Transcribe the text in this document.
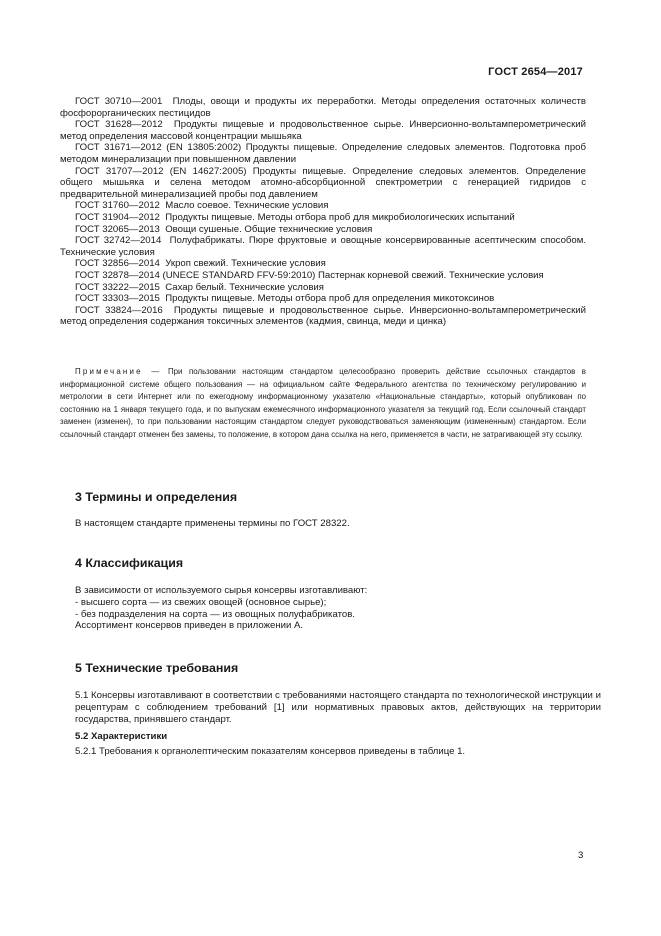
ГОСТ 2654—2017

ГОСТ 30710—2001 Плоды, овощи и продукты их переработки. Методы определения остаточных количеств фосфорорганических пестицидов

ГОСТ 31628—2012 Продукты пищевые и продовольственное сырье. Инверсионно-вольтамперометрический метод определения массовой концентрации мышьяка

ГОСТ 31671—2012 (EN 13805:2002) Продукты пищевые. Определение следовых элементов. Подготовка проб методом минерализации при повышенном давлении

ГОСТ 31707—2012 (EN 14627:2005) Продукты пищевые. Определение следовых элементов. Определение общего мышьяка и селена методом атомно-абсорбционной спектрометрии с генерацией гидридов с предварительной минерализацией пробы под давлением

ГОСТ 31760—2012 Масло соевое. Технические условия

ГОСТ 31904—2012 Продукты пищевые. Методы отбора проб для микробиологических испытаний

ГОСТ 32065—2013 Овощи сушеные. Общие технические условия

ГОСТ 32742—2014 Полуфабрикаты. Пюре фруктовые и овощные консервированные асептическим способом. Технические условия

ГОСТ 32856—2014 Укроп свежий. Технические условия

ГОСТ 32878—2014 (UNECE STANDARD FFV-59:2010) Пастернак корневой свежий. Технические условия

ГОСТ 33222—2015 Сахар белый. Технические условия

ГОСТ 33303—2015 Продукты пищевые. Методы отбора проб для определения микотоксинов

ГОСТ 33824—2016 Продукты пищевые и продовольственное сырье. Инверсионно-вольтамперометрический метод определения содержания токсичных элементов (кадмия, свинца, меди и цинка)

Примечание — При пользовании настоящим стандартом целесообразно проверить действие ссылочных стандартов в информационной системе общего пользования — на официальном сайте Федерального агентства по техническому регулированию и метрологии в сети Интернет или по ежегодному информационному указателю «Национальные стандарты», который опубликован по состоянию на 1 января текущего года, и по выпускам ежемесячного информационного указателя за текущий год. Если ссылочный стандарт заменен (изменен), то при пользовании настоящим стандартом следует руководствоваться заменяющим (измененным) стандартом. Если ссылочный стандарт отменен без замены, то положение, в котором дана ссылка на него, применяется в части, не затрагивающей эту ссылку.
3 Термины и определения

В настоящем стандарте применены термины по ГОСТ 28322.

4 Классификация
В зависимости от используемого сырья консервы изготавливают:
- высшего сорта — из свежих овощей (основное сырье);
- без подразделения на сорта — из овощных полуфабрикатов.
Ассортимент консервов приведен в приложении А.
5 Технические требования

5.1 Консервы изготавливают в соответствии с требованиями настоящего стандарта по технологической инструкции и рецептурам с соблюдением требований [1] или нормативных правовых актов, действующих на территории государства, принявшего стандарт.

5.2 Характеристики

5.2.1 Требования к органолептическим показателям консервов приведены в таблице 1.

3
